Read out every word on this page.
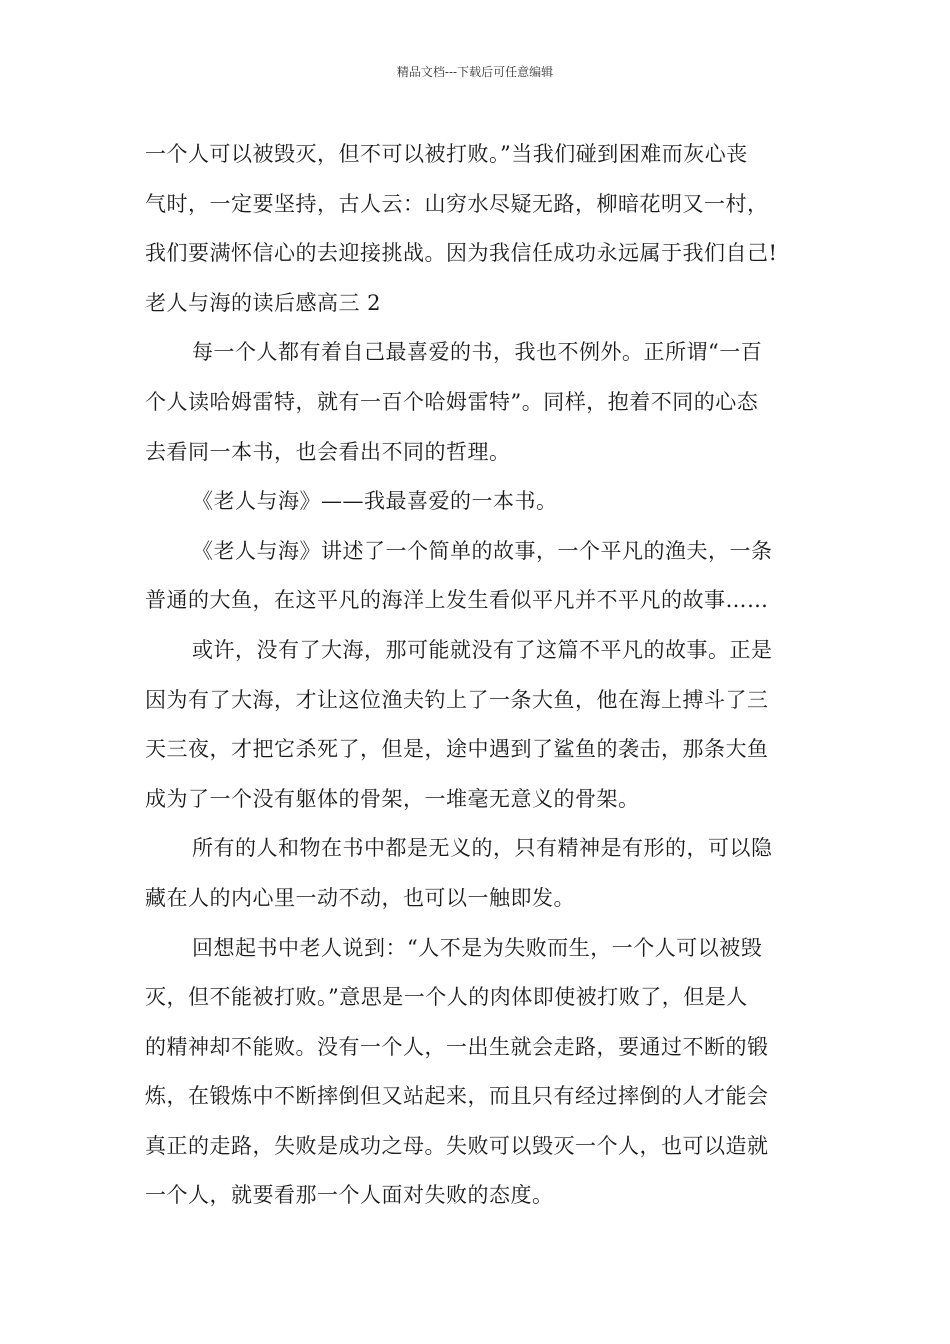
精品文档---下载后可任意编辑
一个人可以被毁灭，但不可以被打败。”当我们碰到困难而灰心丧
气时，一定要坚持，古人云：山穷水尽疑无路，柳暗花明又一村，
我们要满怀信心的去迎接挑战。因为我信任成功永远属于我们自己!
老人与海的读后感高三 2
每一个人都有着自己最喜爱的书，我也不例外。正所谓“一百
个人读哈姆雷特，就有一百个哈姆雷特”。同样，抱着不同的心态
去看同一本书，也会看出不同的哲理。
《老人与海》——我最喜爱的一本书。
《老人与海》讲述了一个简单的故事，一个平凡的渔夫，一条
普通的大鱼，在这平凡的海洋上发生看似平凡并不平凡的故事……
或许，没有了大海，那可能就没有了这篇不平凡的故事。正是
因为有了大海，才让这位渔夫钓上了一条大鱼，他在海上搏斗了三
天三夜，才把它杀死了，但是，途中遇到了鲨鱼的袭击，那条大鱼
成为了一个没有躯体的骨架，一堆毫无意义的骨架。
所有的人和物在书中都是无义的，只有精神是有形的，可以隐
藏在人的内心里一动不动，也可以一触即发。
回想起书中老人说到：“人不是为失败而生，一个人可以被毁
灭，但不能被打败。”意思是一个人的肉体即使被打败了，但是人
的精神却不能败。没有一个人，一出生就会走路，要通过不断的锻
炼，在锻炼中不断摔倒但又站起来，而且只有经过摔倒的人才能会
真正的走路，失败是成功之母。失败可以毁灭一个人，也可以造就
一个人，就要看那一个人面对失败的态度。
